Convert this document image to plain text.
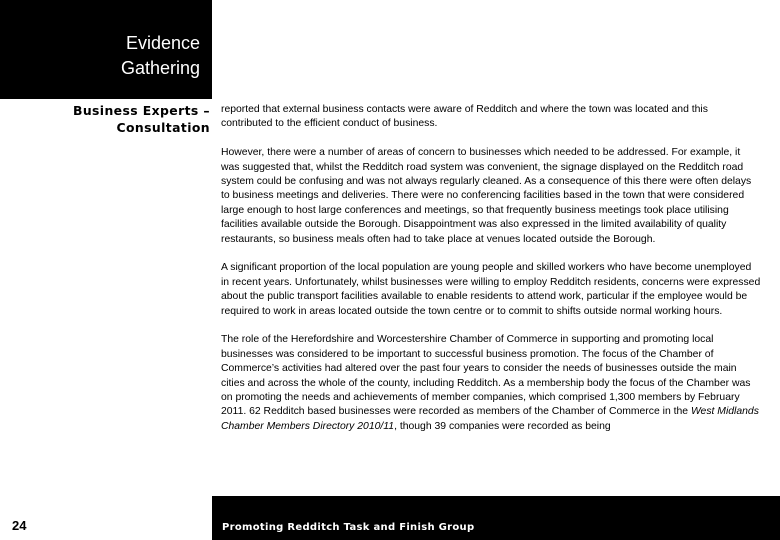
Evidence
Gathering
Business Experts –
Consultation

reported that external business contacts were aware of Redditch and where the town was located and this contributed to the efficient conduct of business.

However, there were a number of areas of concern to businesses which needed to be addressed. For example, it was suggested that, whilst the Redditch road system was convenient, the signage displayed on the Redditch road system could be confusing and was not always regularly cleaned. As a consequence of this there were often delays to business meetings and deliveries. There were no conferencing facilities based in the town that were considered large enough to host large conferences and meetings, so that frequently business meetings took place utilising facilities available outside the Borough. Disappointment was also expressed in the limited availability of quality restaurants, so business meals often had to take place at venues located outside the Borough.

A significant proportion of the local population are young people and skilled workers who have become unemployed in recent years. Unfortunately, whilst businesses were willing to employ Redditch residents, concerns were expressed about the public transport facilities available to enable residents to attend work, particular if the employee would be required to work in areas located outside the town centre or to commit to shifts outside normal working hours.

The role of the Herefordshire and Worcestershire Chamber of Commerce in supporting and promoting local businesses was considered to be important to successful business promotion. The focus of the Chamber of Commerce’s activities had altered over the past four years to consider the needs of businesses outside the main cities and across the whole of the county, including Redditch. As a membership body the focus of the Chamber was on promoting the needs and achievements of member companies, which comprised 1,300 members by February 2011. 62 Redditch based businesses were recorded as members of the Chamber of Commerce in the West Midlands Chamber Members Directory 2010/11, though 39 companies were recorded as being

Promoting Redditch Task and Finish Group
24
